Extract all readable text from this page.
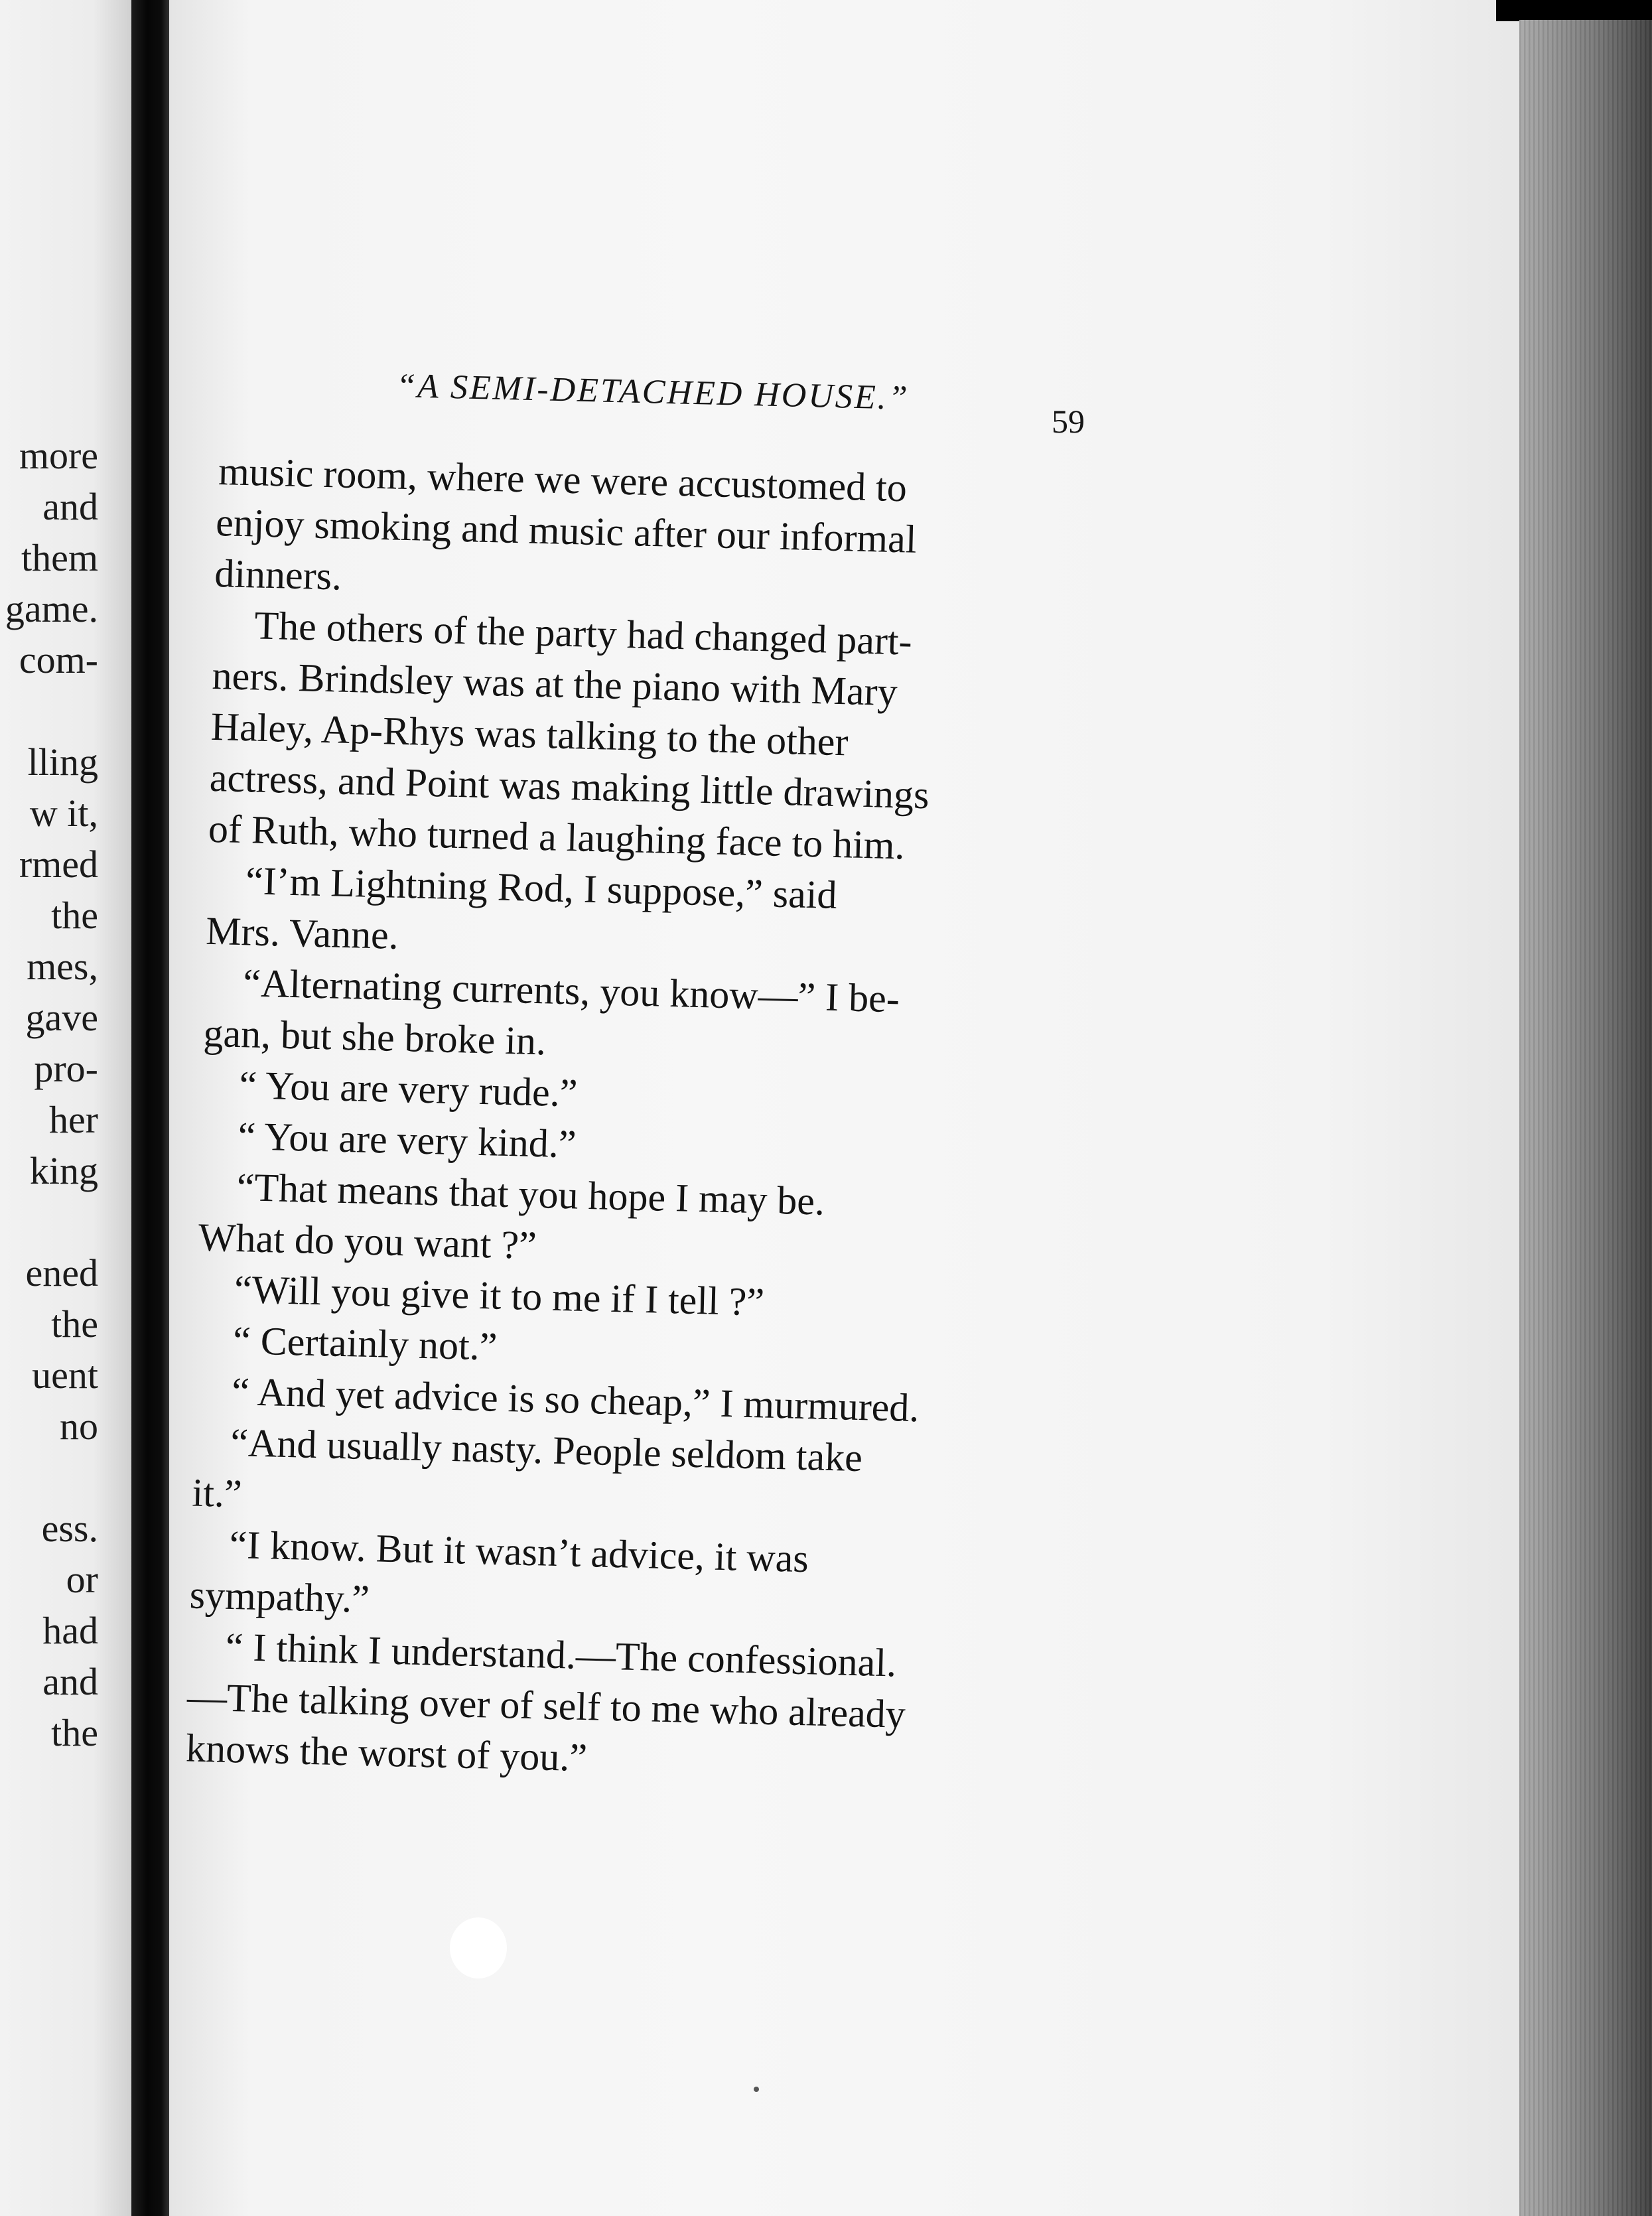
more
and
them
game.
com-
lling
w it,
rmed
the
mes,
gave
pro-
her
king
ened
the
uent
no
ess.
or
had
and
the
“A SEMI-DETACHED HOUSE.”
59
music room, where we were accustomed to
enjoy smoking and music after our informal
dinners.
The others of the party had changed part-
ners. Brindsley was at the piano with Mary
Haley, Ap-Rhys was talking to the other
actress, and Point was making little drawings
of Ruth, who turned a laughing face to him.
“I’m Lightning Rod, I suppose,” said
Mrs. Vanne.
“Alternating currents, you know—” I be-
gan, but she broke in.
“ You are very rude.”
“ You are very kind.”
“That means that you hope I may be.
What do you want ?”
“Will you give it to me if I tell ?”
“ Certainly not.”
“ And yet advice is so cheap,” I murmured.
“And usually nasty. People seldom take
it.”
“I know. But it wasn’t advice, it was
sympathy.”
“ I think I understand.—The confessional.
—The talking over of self to me who already
knows the worst of you.”
